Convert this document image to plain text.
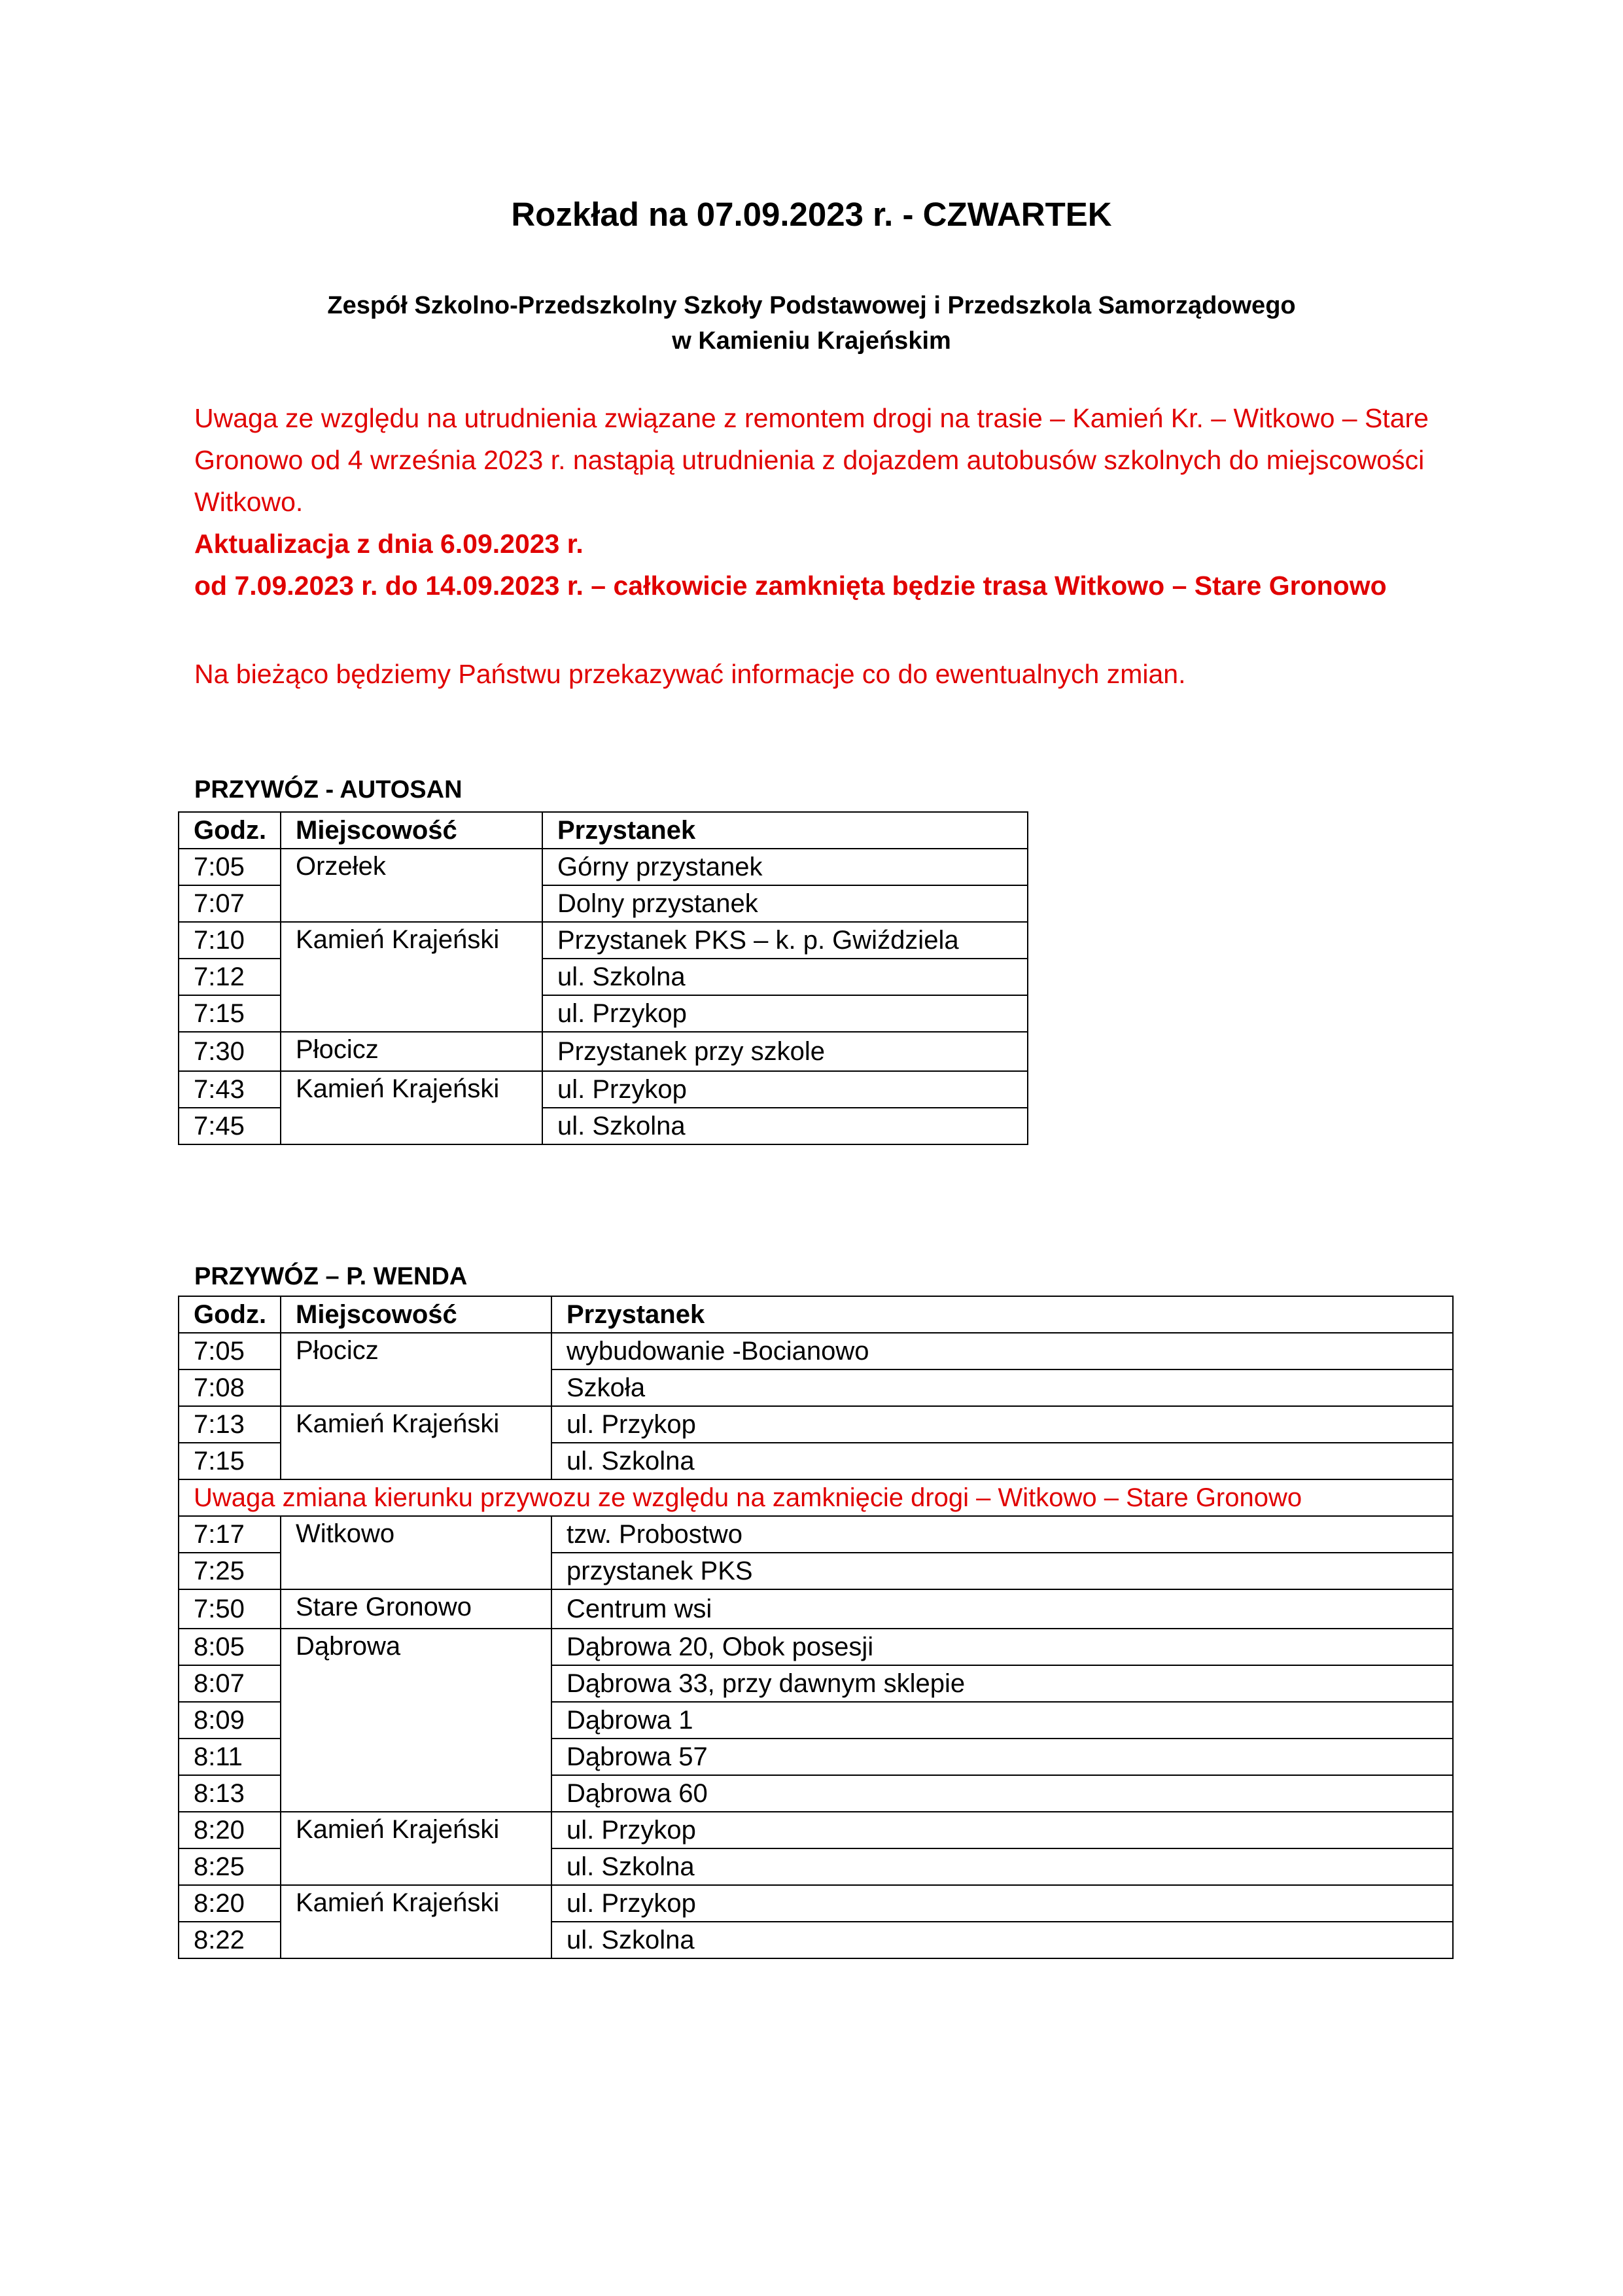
Rozkład na 07.09.2023 r. - CZWARTEK
Zespół Szkolno-Przedszkolny Szkoły Podstawowej i Przedszkola Samorządowego
w Kamieniu Krajeńskim

Uwaga ze względu na utrudnienia związane z remontem drogi na trasie – Kamień Kr. – Witkowo – Stare Gronowo od 4 września 2023 r. nastąpią utrudnienia z dojazdem autobusów szkolnych do miejscowości Witkowo.

Aktualizacja z dnia 6.09.2023 r.

od 7.09.2023 r. do 14.09.2023 r. – całkowicie zamknięta będzie trasa Witkowo – Stare Gronowo

Na bieżąco będziemy Państwu przekazywać informacje co do ewentualnych zmian.
PRZYWÓZ - AUTOSAN
Godz.	Miejscowość	Przystanek
7:05	Orzełek	Górny przystanek
7:07		Dolny przystanek
7:10	Kamień Krajeński	Przystanek PKS – k. p. Gwiździela
7:12		ul. Szkolna
7:15		ul. Przykop
7:30	Płocicz	Przystanek przy szkole
7:43	Kamień Krajeński	ul. Przykop
7:45		ul. Szkolna
PRZYWÓZ – P. WENDA
Godz.	Miejscowość	Przystanek
7:05	Płocicz	wybudowanie -Bocianowo
7:08		Szkoła
7:13	Kamień Krajeński	ul. Przykop
7:15		ul. Szkolna
Uwaga zmiana kierunku przywozu ze względu na zamknięcie drogi – Witkowo – Stare Gronowo		
7:17	Witkowo	tzw. Probostwo
7:25		przystanek PKS
7:50	Stare Gronowo	Centrum wsi
8:05	Dąbrowa	Dąbrowa 20, Obok posesji
8:07		Dąbrowa 33, przy dawnym sklepie
8:09		Dąbrowa 1
8:11		Dąbrowa 57
8:13		Dąbrowa 60
8:20	Kamień Krajeński	ul. Przykop
8:25		ul. Szkolna
8:20	Kamień Krajeński	ul. Przykop
8:22		ul. Szkolna
